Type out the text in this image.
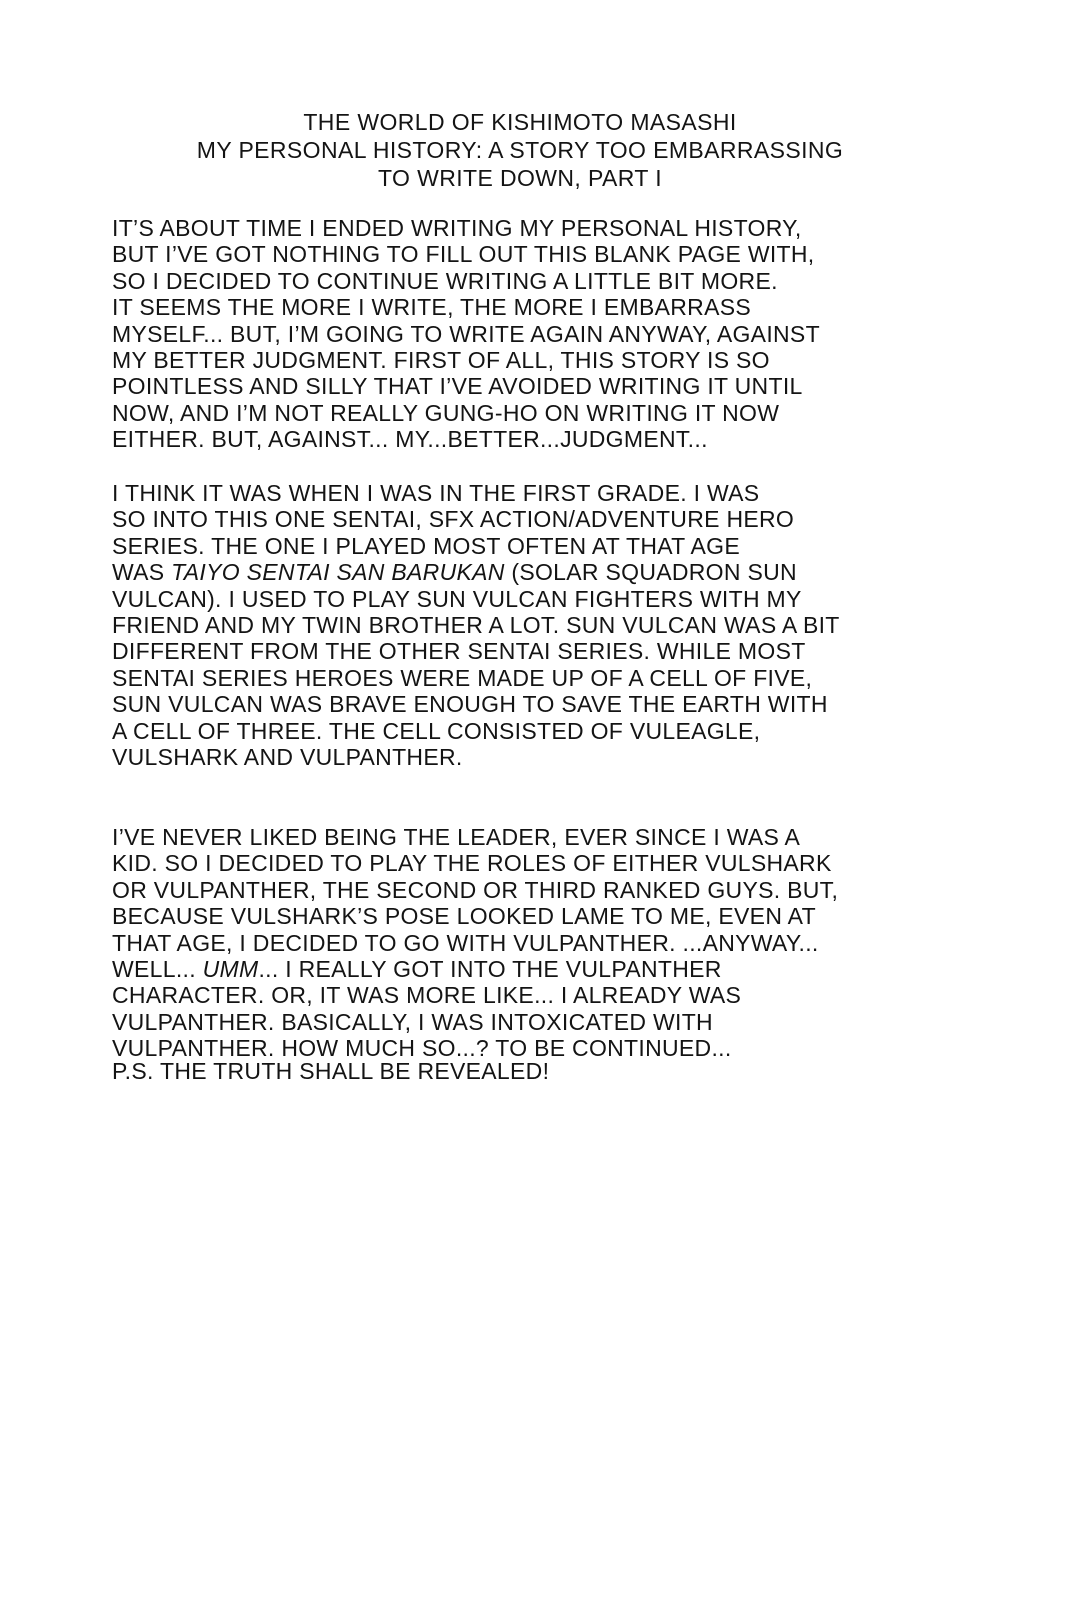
THE WORLD OF KISHIMOTO MASASHI
MY PERSONAL HISTORY: A STORY TOO EMBARRASSING
TO WRITE DOWN, PART I
IT’S ABOUT TIME I ENDED WRITING MY PERSONAL HISTORY,
BUT I’VE GOT NOTHING TO FILL OUT THIS BLANK PAGE WITH,
SO I DECIDED TO CONTINUE WRITING A LITTLE BIT MORE.
IT SEEMS THE MORE I WRITE, THE MORE I EMBARRASS
MYSELF... BUT, I’M GOING TO WRITE AGAIN ANYWAY, AGAINST
MY BETTER JUDGMENT. FIRST OF ALL, THIS STORY IS SO
POINTLESS AND SILLY THAT I’VE AVOIDED WRITING IT UNTIL
NOW, AND I’M NOT REALLY GUNG-HO ON WRITING IT NOW
EITHER. BUT, AGAINST... MY...BETTER...JUDGMENT...
I THINK IT WAS WHEN I WAS IN THE FIRST GRADE. I WAS
SO INTO THIS ONE SENTAI, SFX ACTION/ADVENTURE HERO
SERIES. THE ONE I PLAYED MOST OFTEN AT THAT AGE
WAS TAIYO SENTAI SAN BARUKAN (SOLAR SQUADRON SUN
VULCAN). I USED TO PLAY SUN VULCAN FIGHTERS WITH MY
FRIEND AND MY TWIN BROTHER A LOT. SUN VULCAN WAS A BIT
DIFFERENT FROM THE OTHER SENTAI SERIES. WHILE MOST
SENTAI SERIES HEROES WERE MADE UP OF A CELL OF FIVE,
SUN VULCAN WAS BRAVE ENOUGH TO SAVE THE EARTH WITH
A CELL OF THREE. THE CELL CONSISTED OF VULEAGLE,
VULSHARK AND VULPANTHER.
I’VE NEVER LIKED BEING THE LEADER, EVER SINCE I WAS A
KID. SO I DECIDED TO PLAY THE ROLES OF EITHER VULSHARK
OR VULPANTHER, THE SECOND OR THIRD RANKED GUYS. BUT,
BECAUSE VULSHARK’S POSE LOOKED LAME TO ME, EVEN AT
THAT AGE, I DECIDED TO GO WITH VULPANTHER. ...ANYWAY...
WELL... UMM... I REALLY GOT INTO THE VULPANTHER
CHARACTER. OR, IT WAS MORE LIKE... I ALREADY WAS
VULPANTHER. BASICALLY, I WAS INTOXICATED WITH
VULPANTHER. HOW MUCH SO...? TO BE CONTINUED...
P.S. THE TRUTH SHALL BE REVEALED!
